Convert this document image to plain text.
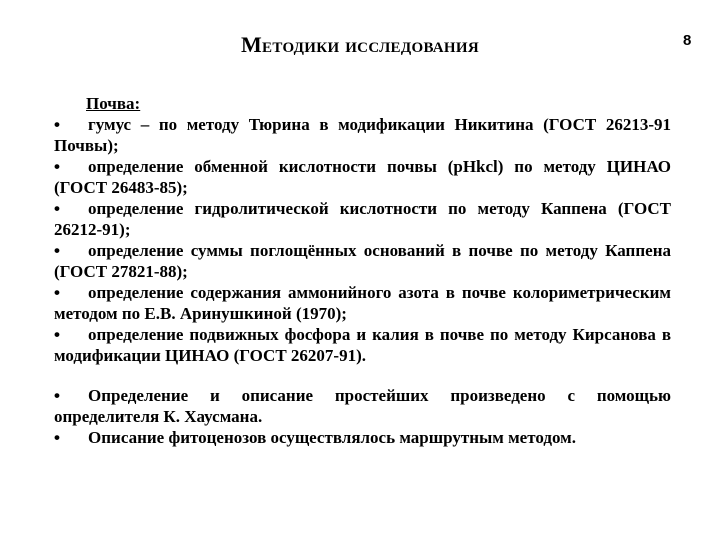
Методики исследования	8
Почва:
• гумус – по методу Тюрина в модификации Никитина (ГОСТ 26213-91 Почвы);
• определение обменной кислотности почвы (рНkcl) по методу ЦИНАО (ГОСТ 26483-85);
• определение гидролитической кислотности по методу Каппена (ГОСТ 26212-91);
• определение суммы поглощённых оснований в почве по методу Каппена (ГОСТ 27821-88);
• определение содержания аммонийного азота в почве колориметрическим методом по Е.В. Аринушкиной (1970);
• определение подвижных фосфора и калия в почве по методу Кирсанова в модификации ЦИНАО (ГОСТ 26207-91).
• Определение и описание простейших произведено с помощью определителя К. Хаусмана.
• Описание фитоценозов осуществлялось маршрутным методом.
